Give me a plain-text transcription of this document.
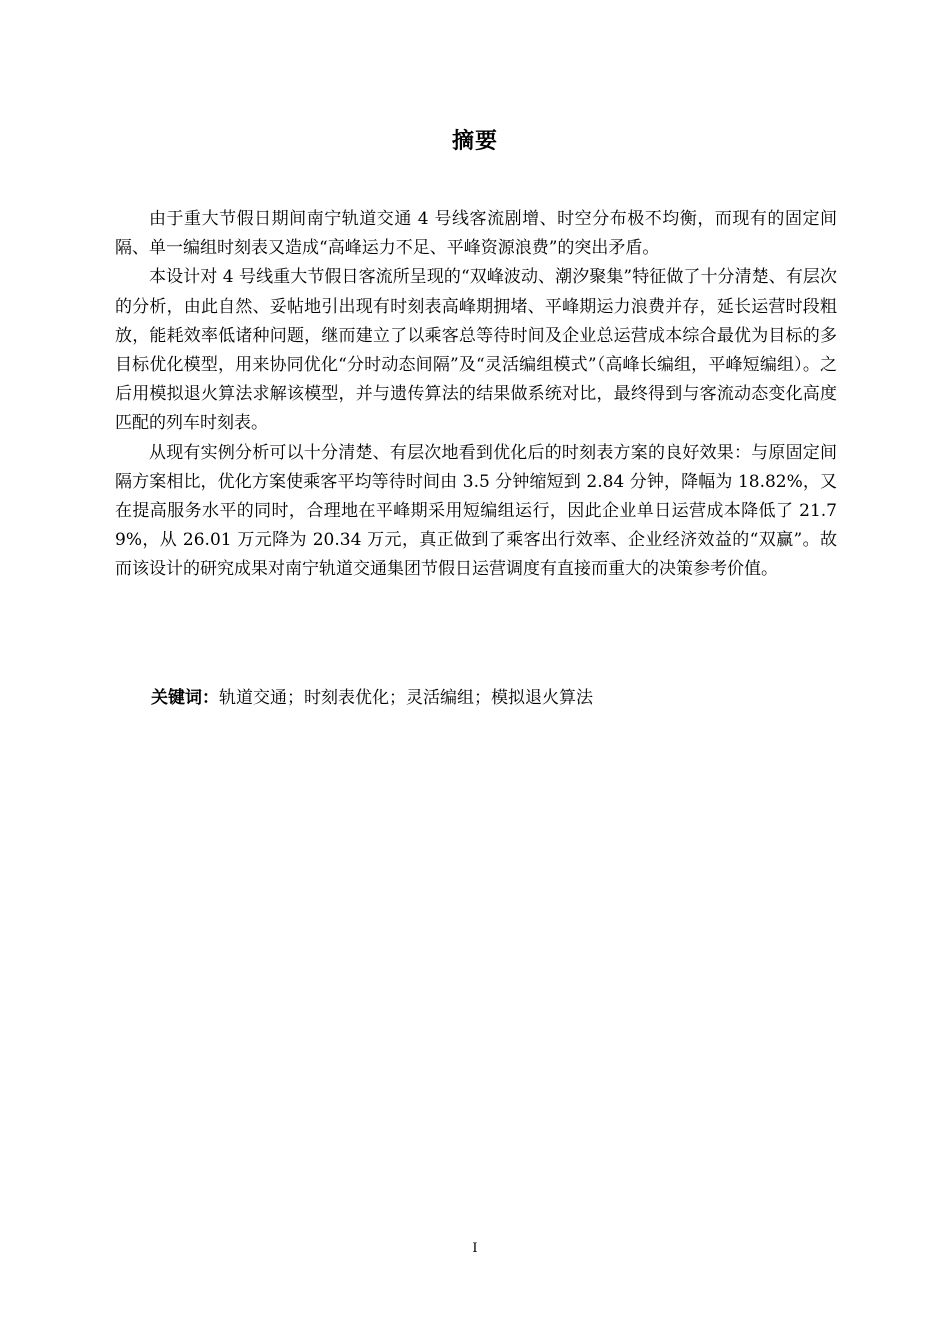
摘要

由于重大节假日期间南宁轨道交通 4 号线客流剧增、时空分布极不均衡，而现有的固定间隔、单一编组时刻表又造成“高峰运力不足、平峰资源浪费”的突出矛盾。

本设计对 4 号线重大节假日客流所呈现的“双峰波动、潮汐聚集”特征做了十分清楚、有层次的分析，由此自然、妥帖地引出现有时刻表高峰期拥堵、平峰期运力浪费并存，延长运营时段粗放，能耗效率低诸种问题，继而建立了以乘客总等待时间及企业总运营成本综合最优为目标的多目标优化模型，用来协同优化“分时动态间隔”及“灵活编组模式”（高峰长编组，平峰短编组）。之后用模拟退火算法求解该模型，并与遗传算法的结果做系统对比，最终得到与客流动态变化高度匹配的列车时刻表。

从现有实例分析可以十分清楚、有层次地看到优化后的时刻表方案的良好效果：与原固定间隔方案相比，优化方案使乘客平均等待时间由 3.5 分钟缩短到 2.84 分钟，降幅为 18.82%，又在提高服务水平的同时，合理地在平峰期采用短编组运行，因此企业单日运营成本降低了 21.79%，从 26.01 万元降为 20.34 万元，真正做到了乘客出行效率、企业经济效益的“双赢”。故而该设计的研究成果对南宁轨道交通集团节假日运营调度有直接而重大的决策参考价值。

关键词：轨道交通；时刻表优化；灵活编组；模拟退火算法
I
